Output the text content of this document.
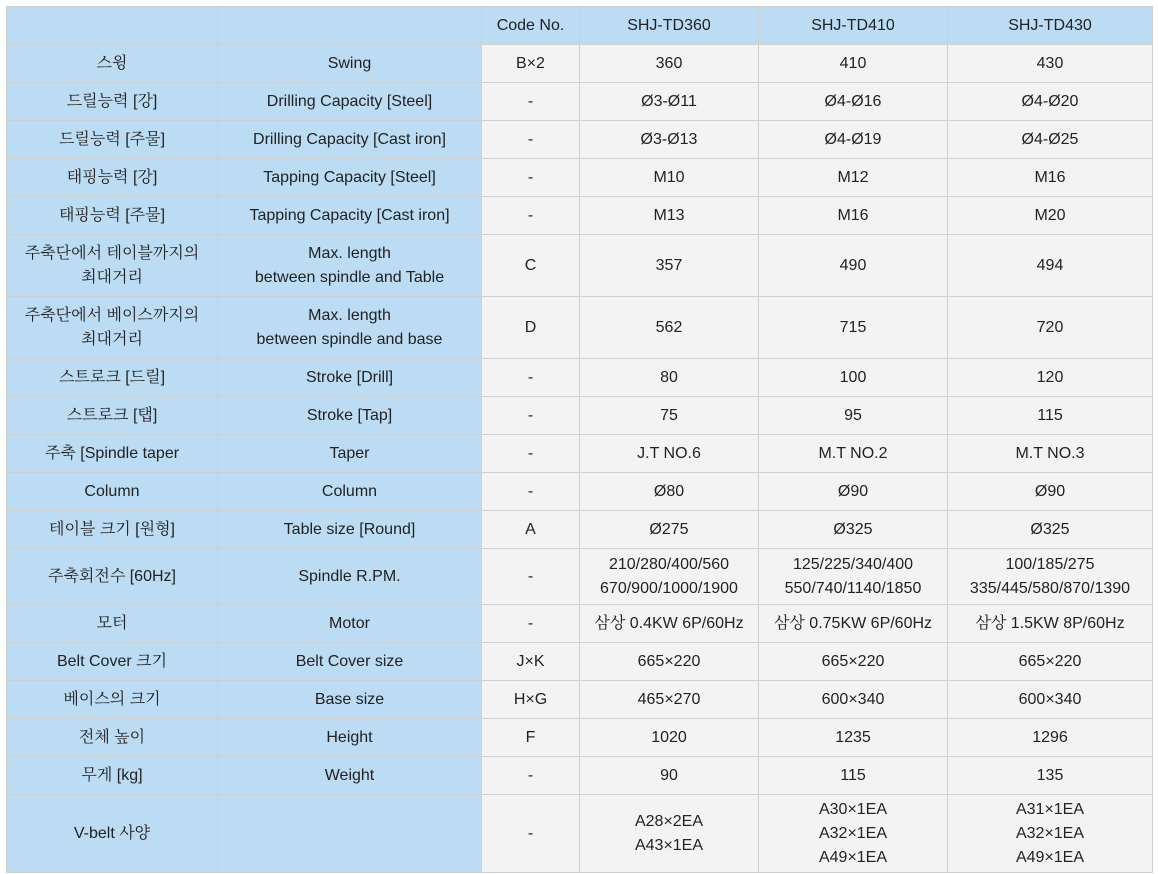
		Code No.	SHJ-TD360	SHJ-TD410	SHJ-TD430

스윙	Swing	B×2	360	410	430

드릴능력 [강]	Drilling Capacity [Steel]	-	Ø3-Ø11	Ø4-Ø16	Ø4-Ø20

드릴능력 [주물]	Drilling Capacity [Cast iron]	-	Ø3-Ø13	Ø4-Ø19	Ø4-Ø25

태핑능력 [강]	Tapping Capacity [Steel]	-	M10	M12	M16

태핑능력 [주물]	Tapping Capacity [Cast iron]	-	M13	M16	M20

주축단에서 테이블까지의
최대거리	Max. length
between spindle and Table	C	357	490	494

주축단에서 베이스까지의
최대거리	Max. length
between spindle and base	D	562	715	720

스트로크 [드릴]	Stroke [Drill]	-	80	100	120

스트로크 [탭]	Stroke [Tap]	-	75	95	115

주축 [Spindle taper	Taper	-	J.T NO.6	M.T NO.2	M.T NO.3

Column	Column	-	Ø80	Ø90	Ø90

테이블 크기 [원형]	Table size [Round]	A	Ø275	Ø325	Ø325

주축회전수 [60Hz]	Spindle R.PM.	-	210/280/400/560
670/900/1000/1900	125/225/340/400
550/740/1140/1850	100/185/275
335/445/580/870/1390

모터	Motor	-	삼상 0.4KW 6P/60Hz	삼상 0.75KW 6P/60Hz	삼상 1.5KW 8P/60Hz

Belt Cover 크기	Belt Cover size	J×K	665×220	665×220	665×220

베이스의 크기	Base size	H×G	465×270	600×340	600×340

전체 높이	Height	F	1020	1235	1296

무게 [kg]	Weight	-	90	115	135

V-belt 사양		-	A28×2EA
A43×1EA	A30×1EA
A32×1EA
A49×1EA	A31×1EA
A32×1EA
A49×1EA
